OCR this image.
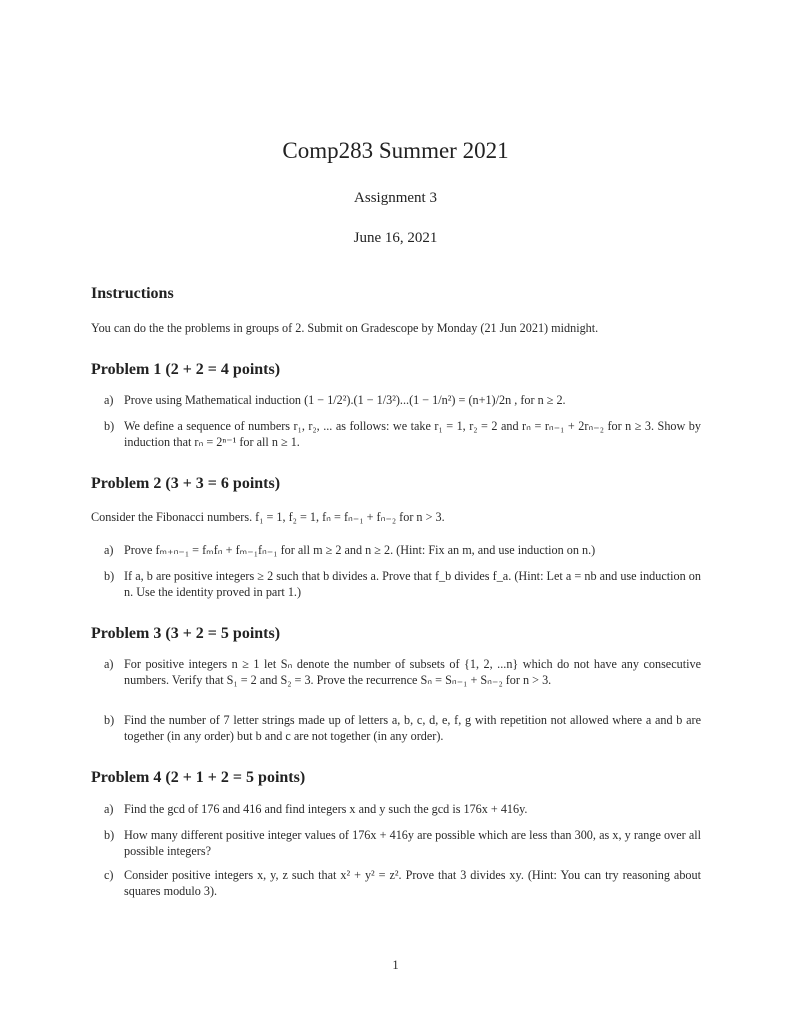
Comp283 Summer 2021
Assignment 3
June 16, 2021
Instructions
You can do the the problems in groups of 2. Submit on Gradescope by Monday (21 Jun 2021) midnight.
Problem 1 (2 + 2 = 4 points)
a) Prove using Mathematical induction (1 − 1/2²).(1 − 1/3²)...(1 − 1/n²) = (n+1)/2n , for n ≥ 2.
b) We define a sequence of numbers r₁, r₂, ... as follows: we take r₁ = 1, r₂ = 2 and rₙ = rₙ₋₁ + 2rₙ₋₂ for n ≥ 3. Show by induction that rₙ = 2ⁿ⁻¹ for all n ≥ 1.
Problem 2 (3 + 3 = 6 points)
Consider the Fibonacci numbers. f₁ = 1, f₂ = 1, fₙ = fₙ₋₁ + fₙ₋₂ for n > 3.
a) Prove fₘ₊ₙ₋₁ = fₘfₙ + fₘ₋₁fₙ₋₁ for all m ≥ 2 and n ≥ 2. (Hint: Fix an m, and use induction on n.)
b) If a, b are positive integers ≥ 2 such that b divides a. Prove that f_b divides f_a. (Hint: Let a = nb and use induction on n. Use the identity proved in part 1.)
Problem 3 (3 + 2 = 5 points)
a) For positive integers n ≥ 1 let Sₙ denote the number of subsets of {1, 2, ...n} which do not have any consecutive numbers. Verify that S₁ = 2 and S₂ = 3. Prove the recurrence Sₙ = Sₙ₋₁ + Sₙ₋₂ for n > 3.
b) Find the number of 7 letter strings made up of letters a, b, c, d, e, f, g with repetition not allowed where a and b are together (in any order) but b and c are not together (in any order).
Problem 4 (2 + 1 + 2 = 5 points)
a) Find the gcd of 176 and 416 and find integers x and y such the gcd is 176x + 416y.
b) How many different positive integer values of 176x + 416y are possible which are less than 300, as x, y range over all possible integers?
c) Consider positive integers x, y, z such that x² + y² = z². Prove that 3 divides xy. (Hint: You can try reasoning about squares modulo 3).
1
